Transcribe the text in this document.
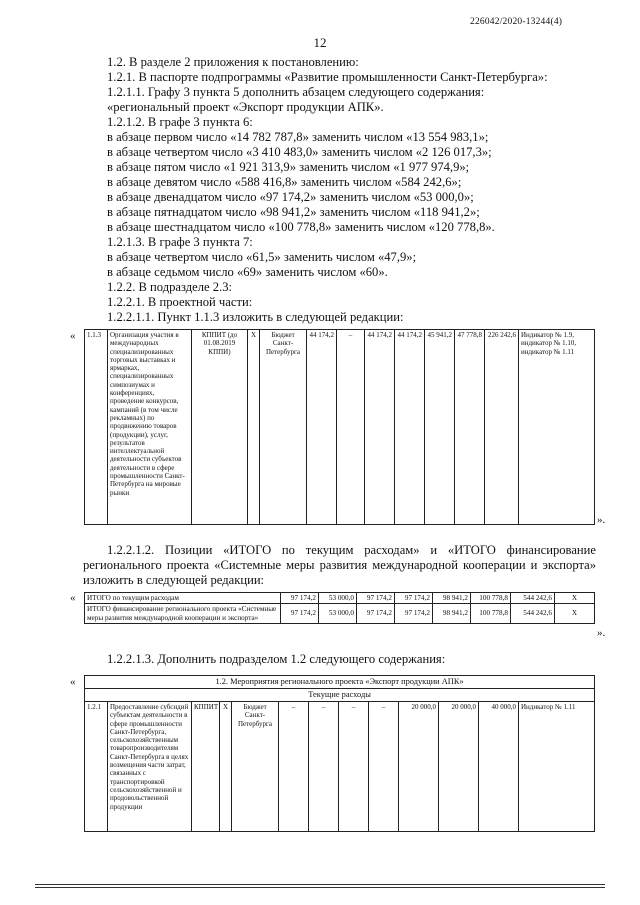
226042/2020-13244(4)
12
1.2. В разделе 2 приложения к постановлению:
1.2.1. В паспорте подпрограммы «Развитие промышленности Санкт-Петербурга»:
1.2.1.1. Графу 3 пункта 5 дополнить абзацем следующего содержания:
«региональный проект «Экспорт продукции АПК».
1.2.1.2. В графе 3 пункта 6:
в абзаце первом число «14 782 787,8» заменить числом «13 554 983,1»;
в абзаце четвертом число «3 410 483,0» заменить числом «2 126 017,3»;
в абзаце пятом число «1 921 313,9» заменить числом «1 977 974,9»;
в абзаце девятом число «588 416,8» заменить числом «584 242,6»;
в абзаце двенадцатом число «97 174,2» заменить числом «53 000,0»;
в абзаце пятнадцатом число «98 941,2» заменить числом «118 941,2»;
в абзаце шестнадцатом число «100 778,8» заменить числом «120 778,8».
1.2.1.3. В графе 3 пункта 7:
в абзаце четвертом число «61,5» заменить числом «47,9»;
в абзаце седьмом число «69» заменить числом «60».
1.2.2. В подразделе 2.3:
1.2.2.1. В проектной части:
1.2.2.1.1. Пункт 1.1.3 изложить в следующей редакции:
« 1.1.3	Организация участия в международных специализированных торговых выставках и ярмарках, специализированных симпозиумах и конференциях, проведение конкурсов, кампаний (в том числе рекламных) по продвижению товаров (продукции), услуг, результатов интеллектуальной деятельности субъектов деятельности в сфере промышленности Санкт-Петербурга на мировые рынки	КППИТ (до 01.08.2019 КППИ)	Х	Бюджет Санкт-Петербурга	44 174,2	–	44 174,2	44 174,2	45 941,2	47 778,8	226 242,6	Индикатор № 1.9, индикатор № 1.10, индикатор № 1.11
».
1.2.2.1.2. Позиции «ИТОГО по текущим расходам» и «ИТОГО финансирование регионального проекта «Системные меры развития международной кооперации и экспорта» изложить в следующей редакции:
« ИТОГО по текущим расходам	97 174,2	53 000,0	97 174,2	97 174,2	98 941,2	100 778,8	544 242,6	Х
ИТОГО финансирование регионального проекта «Системные меры развития международной кооперации и экспорта»	97 174,2	53 000,0	97 174,2	97 174,2	98 941,2	100 778,8	544 242,6	Х
».
1.2.2.1.3. Дополнить подразделом 1.2 следующего содержания:
«	1.2. Мероприятия регионального проекта «Экспорт продукции АПК»
Текущие расходы
1.2.1	Предоставление субсидий субъектам деятельности в сфере промышленности Санкт-Петербурга, сельскохозяйственным товаропроизводителям Санкт-Петербурга в целях возмещения части затрат, связанных с транспортировкой сельскохозяйственной и продовольственной продукции	КППИТ	Х	Бюджет Санкт-Петербурга	–	–	–	–	20 000,0	20 000,0	40 000,0	Индикатор № 1.11
